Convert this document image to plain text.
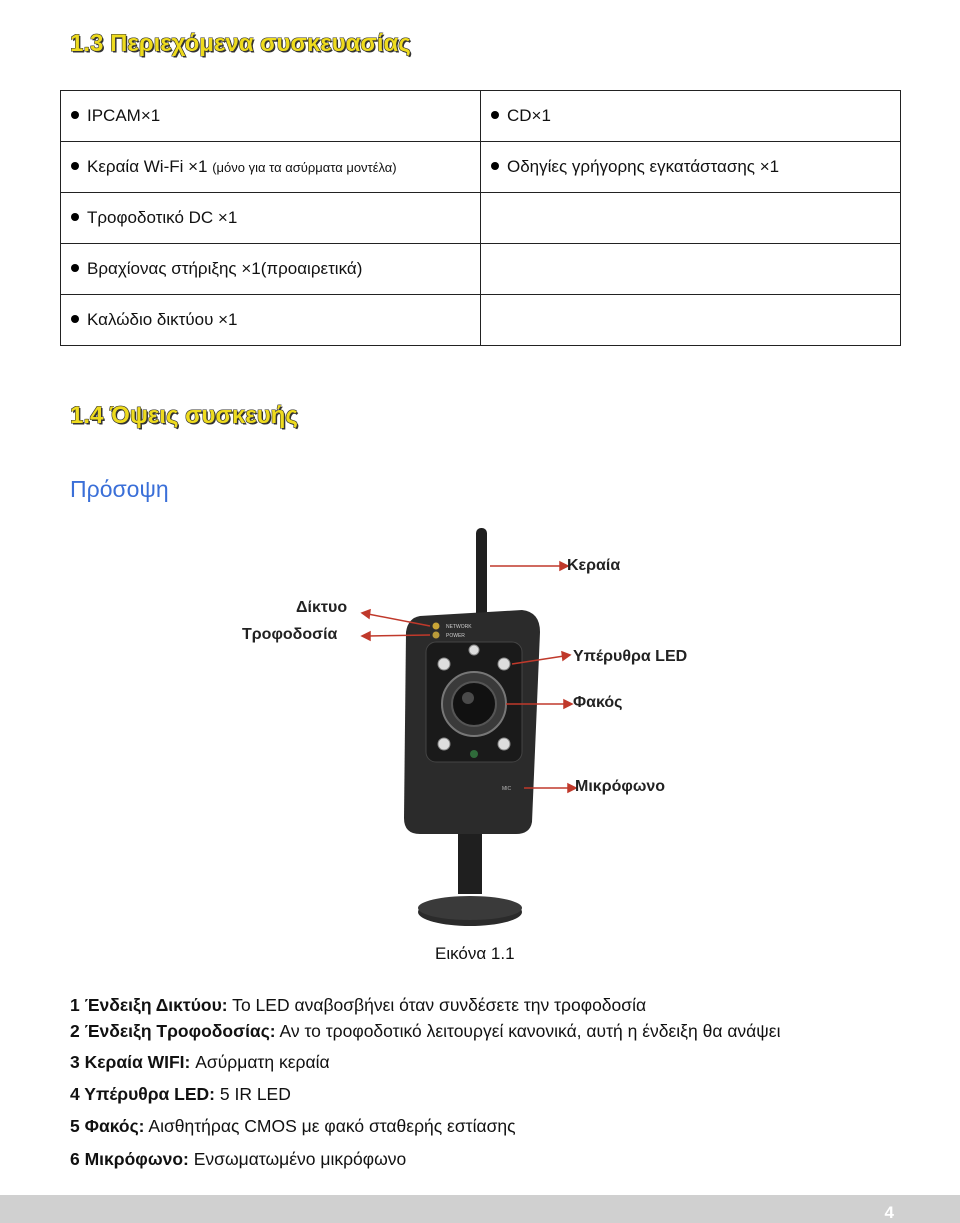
1.3 Περιεχόμενα συσκευασίας
IPCAM×1	CD×1
Κεραία Wi-Fi ×1 (μόνο για τα ασύρματα μοντέλα)	Οδηγίες γρήγορης εγκατάστασης ×1
Τροφοδοτικό DC ×1	
Βραχίονας στήριξης ×1(προαιρετικά)	
Καλώδιο δικτύου ×1	
1.4 Όψεις συσκευής
Πρόσοψη
NETWORK
POWER
MIC
Κεραία
Δίκτυο
Τροφοδοσία
Υπέρυθρα LED
Φακός
Μικρόφωνο
Εικόνα 1.1
1 Ένδειξη Δικτύου: Το LED αναβοσβήνει όταν συνδέσετε την τροφοδοσία
2 Ένδειξη Τροφοδοσίας: Αν το τροφοδοτικό λειτουργεί κανονικά, αυτή η ένδειξη θα ανάψει
3 Κεραία WIFI: Ασύρματη κεραία
4 Υπέρυθρα LED: 5 IR LED
5 Φακός: Αισθητήρας CMOS με φακό σταθερής εστίασης
6 Μικρόφωνο: Ενσωματωμένο μικρόφωνο
4
